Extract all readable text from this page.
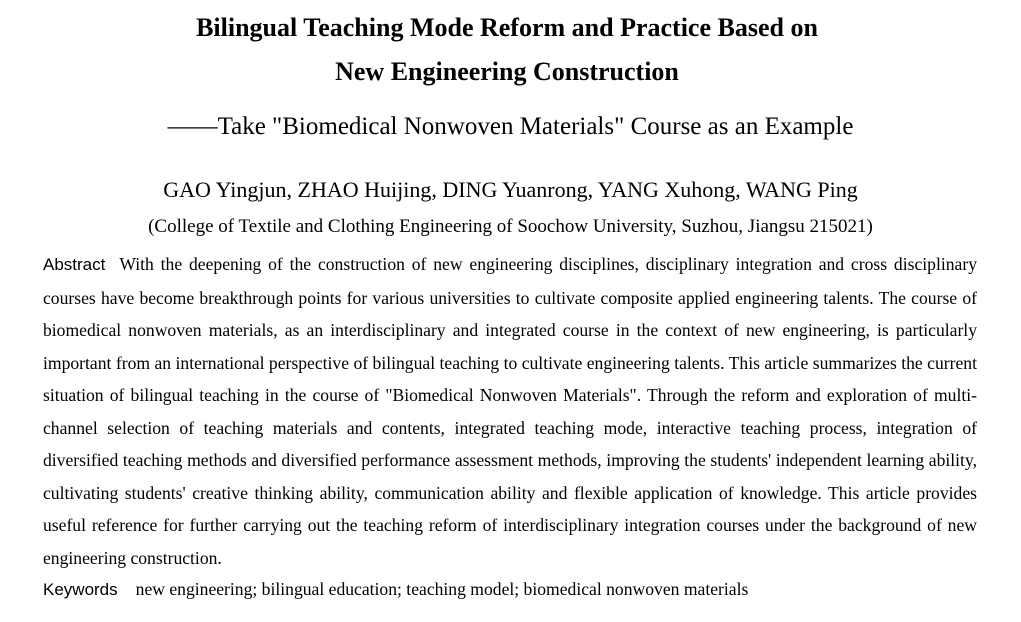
Bilingual Teaching Mode Reform and Practice Based on
New Engineering Construction

——Take "Biomedical Nonwoven Materials" Course as an Example

GAO Yingjun, ZHAO Huijing, DING Yuanrong, YANG Xuhong, WANG Ping

(College of Textile and Clothing Engineering of Soochow University, Suzhou, Jiangsu 215021)

Abstract With the deepening of the construction of new engineering disciplines, disciplinary integration and cross disciplinary courses have become breakthrough points for various universities to cultivate composite applied engineering talents. The course of biomedical nonwoven materials, as an interdisciplinary and integrated course in the context of new engineering, is particularly important from an international perspective of bilingual teaching to cultivate engineering talents. This article summarizes the current situation of bilingual teaching in the course of "Biomedical Nonwoven Materials". Through the reform and exploration of multi-channel selection of teaching materials and contents, integrated teaching mode, interactive teaching process, integration of diversified teaching methods and diversified performance assessment methods, improving the students' independent learning ability, cultivating students' creative thinking ability, communication ability and flexible application of knowledge. This article provides useful reference for further carrying out the teaching reform of interdisciplinary integration courses under the background of new engineering construction.

Keywords new engineering; bilingual education; teaching model; biomedical nonwoven materials
